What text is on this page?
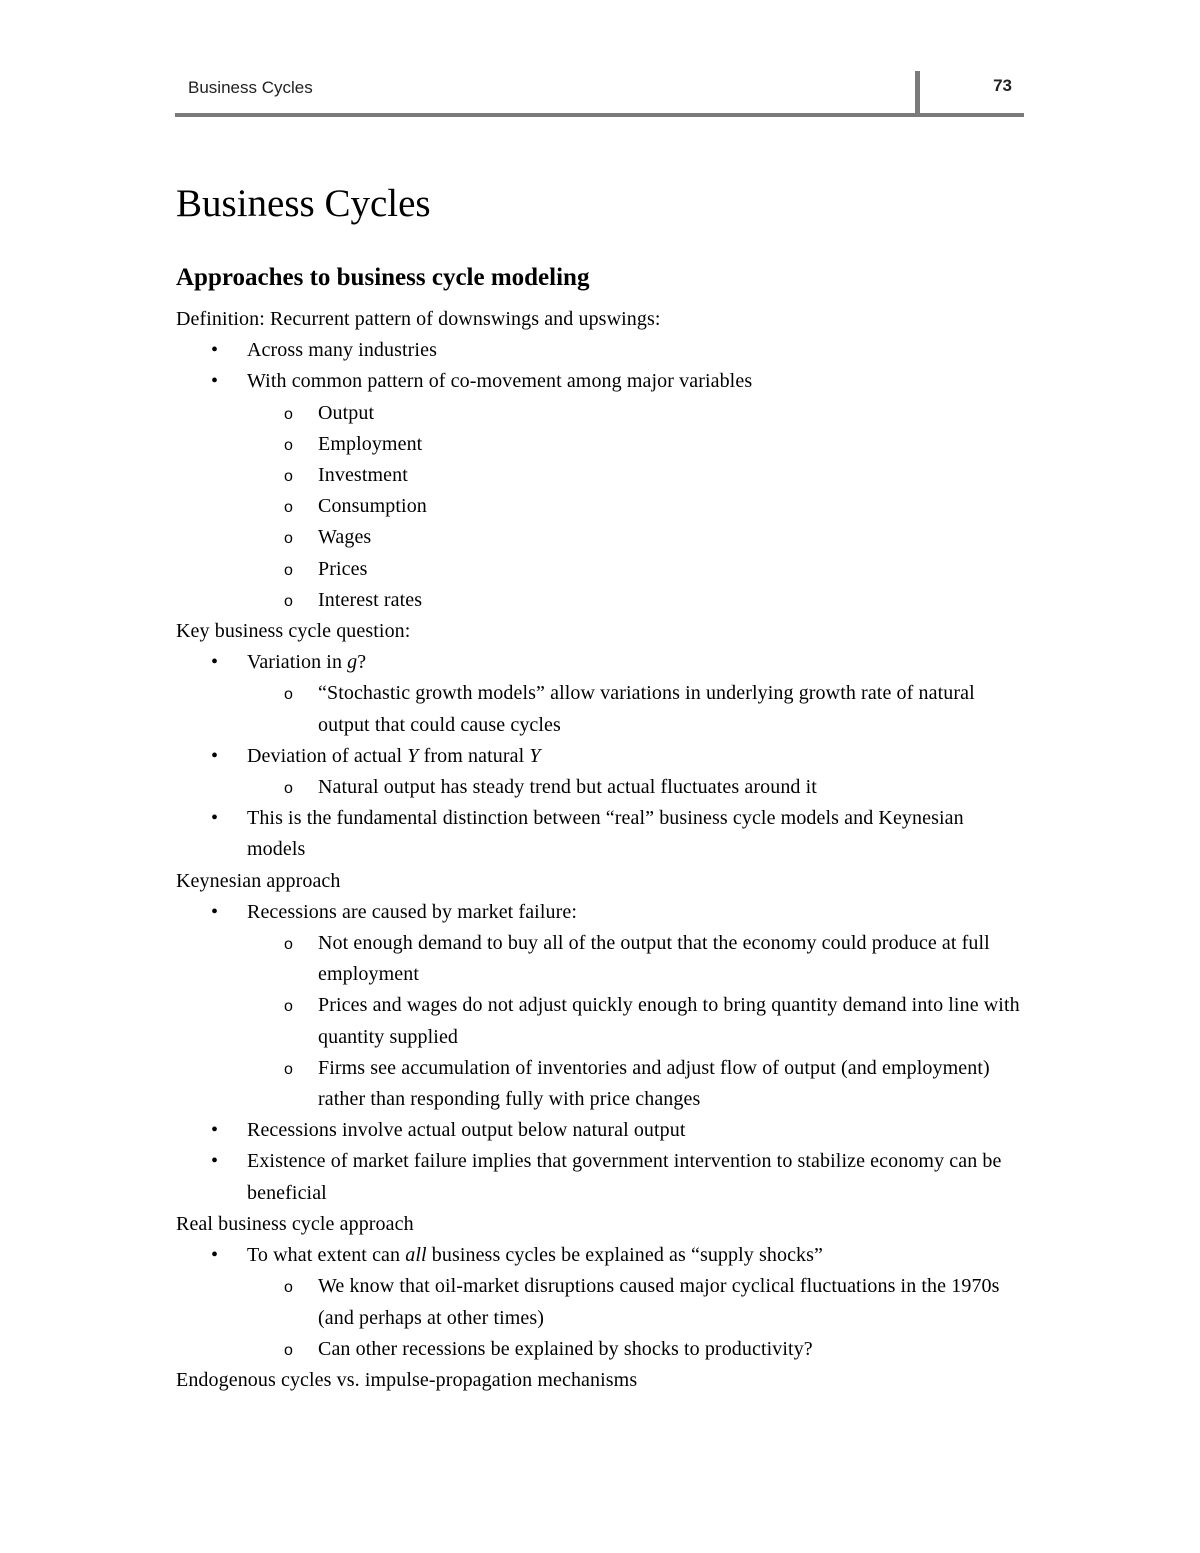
Business Cycles	73
Business Cycles
Approaches to business cycle modeling

Definition: Recurrent pattern of downswings and upswings:

• Across many industries
• With common pattern of co-movement among major variables
o Output
o Employment
o Investment
o Consumption
o Wages
o Prices
o Interest rates

Key business cycle question:

• Variation in g?
o “Stochastic growth models” allow variations in underlying growth rate of natural output that could cause cycles
• Deviation of actual Y from natural Y
o Natural output has steady trend but actual fluctuates around it
• This is the fundamental distinction between “real” business cycle models and Keynesian models

Keynesian approach

• Recessions are caused by market failure:
o Not enough demand to buy all of the output that the economy could produce at full employment
o Prices and wages do not adjust quickly enough to bring quantity demand into line with quantity supplied
o Firms see accumulation of inventories and adjust flow of output (and employment) rather than responding fully with price changes
• Recessions involve actual output below natural output
• Existence of market failure implies that government intervention to stabilize economy can be beneficial

Real business cycle approach

• To what extent can all business cycles be explained as “supply shocks”
o We know that oil-market disruptions caused major cyclical fluctuations in the 1970s (and perhaps at other times)
o Can other recessions be explained by shocks to productivity?

Endogenous cycles vs. impulse-propagation mechanisms
